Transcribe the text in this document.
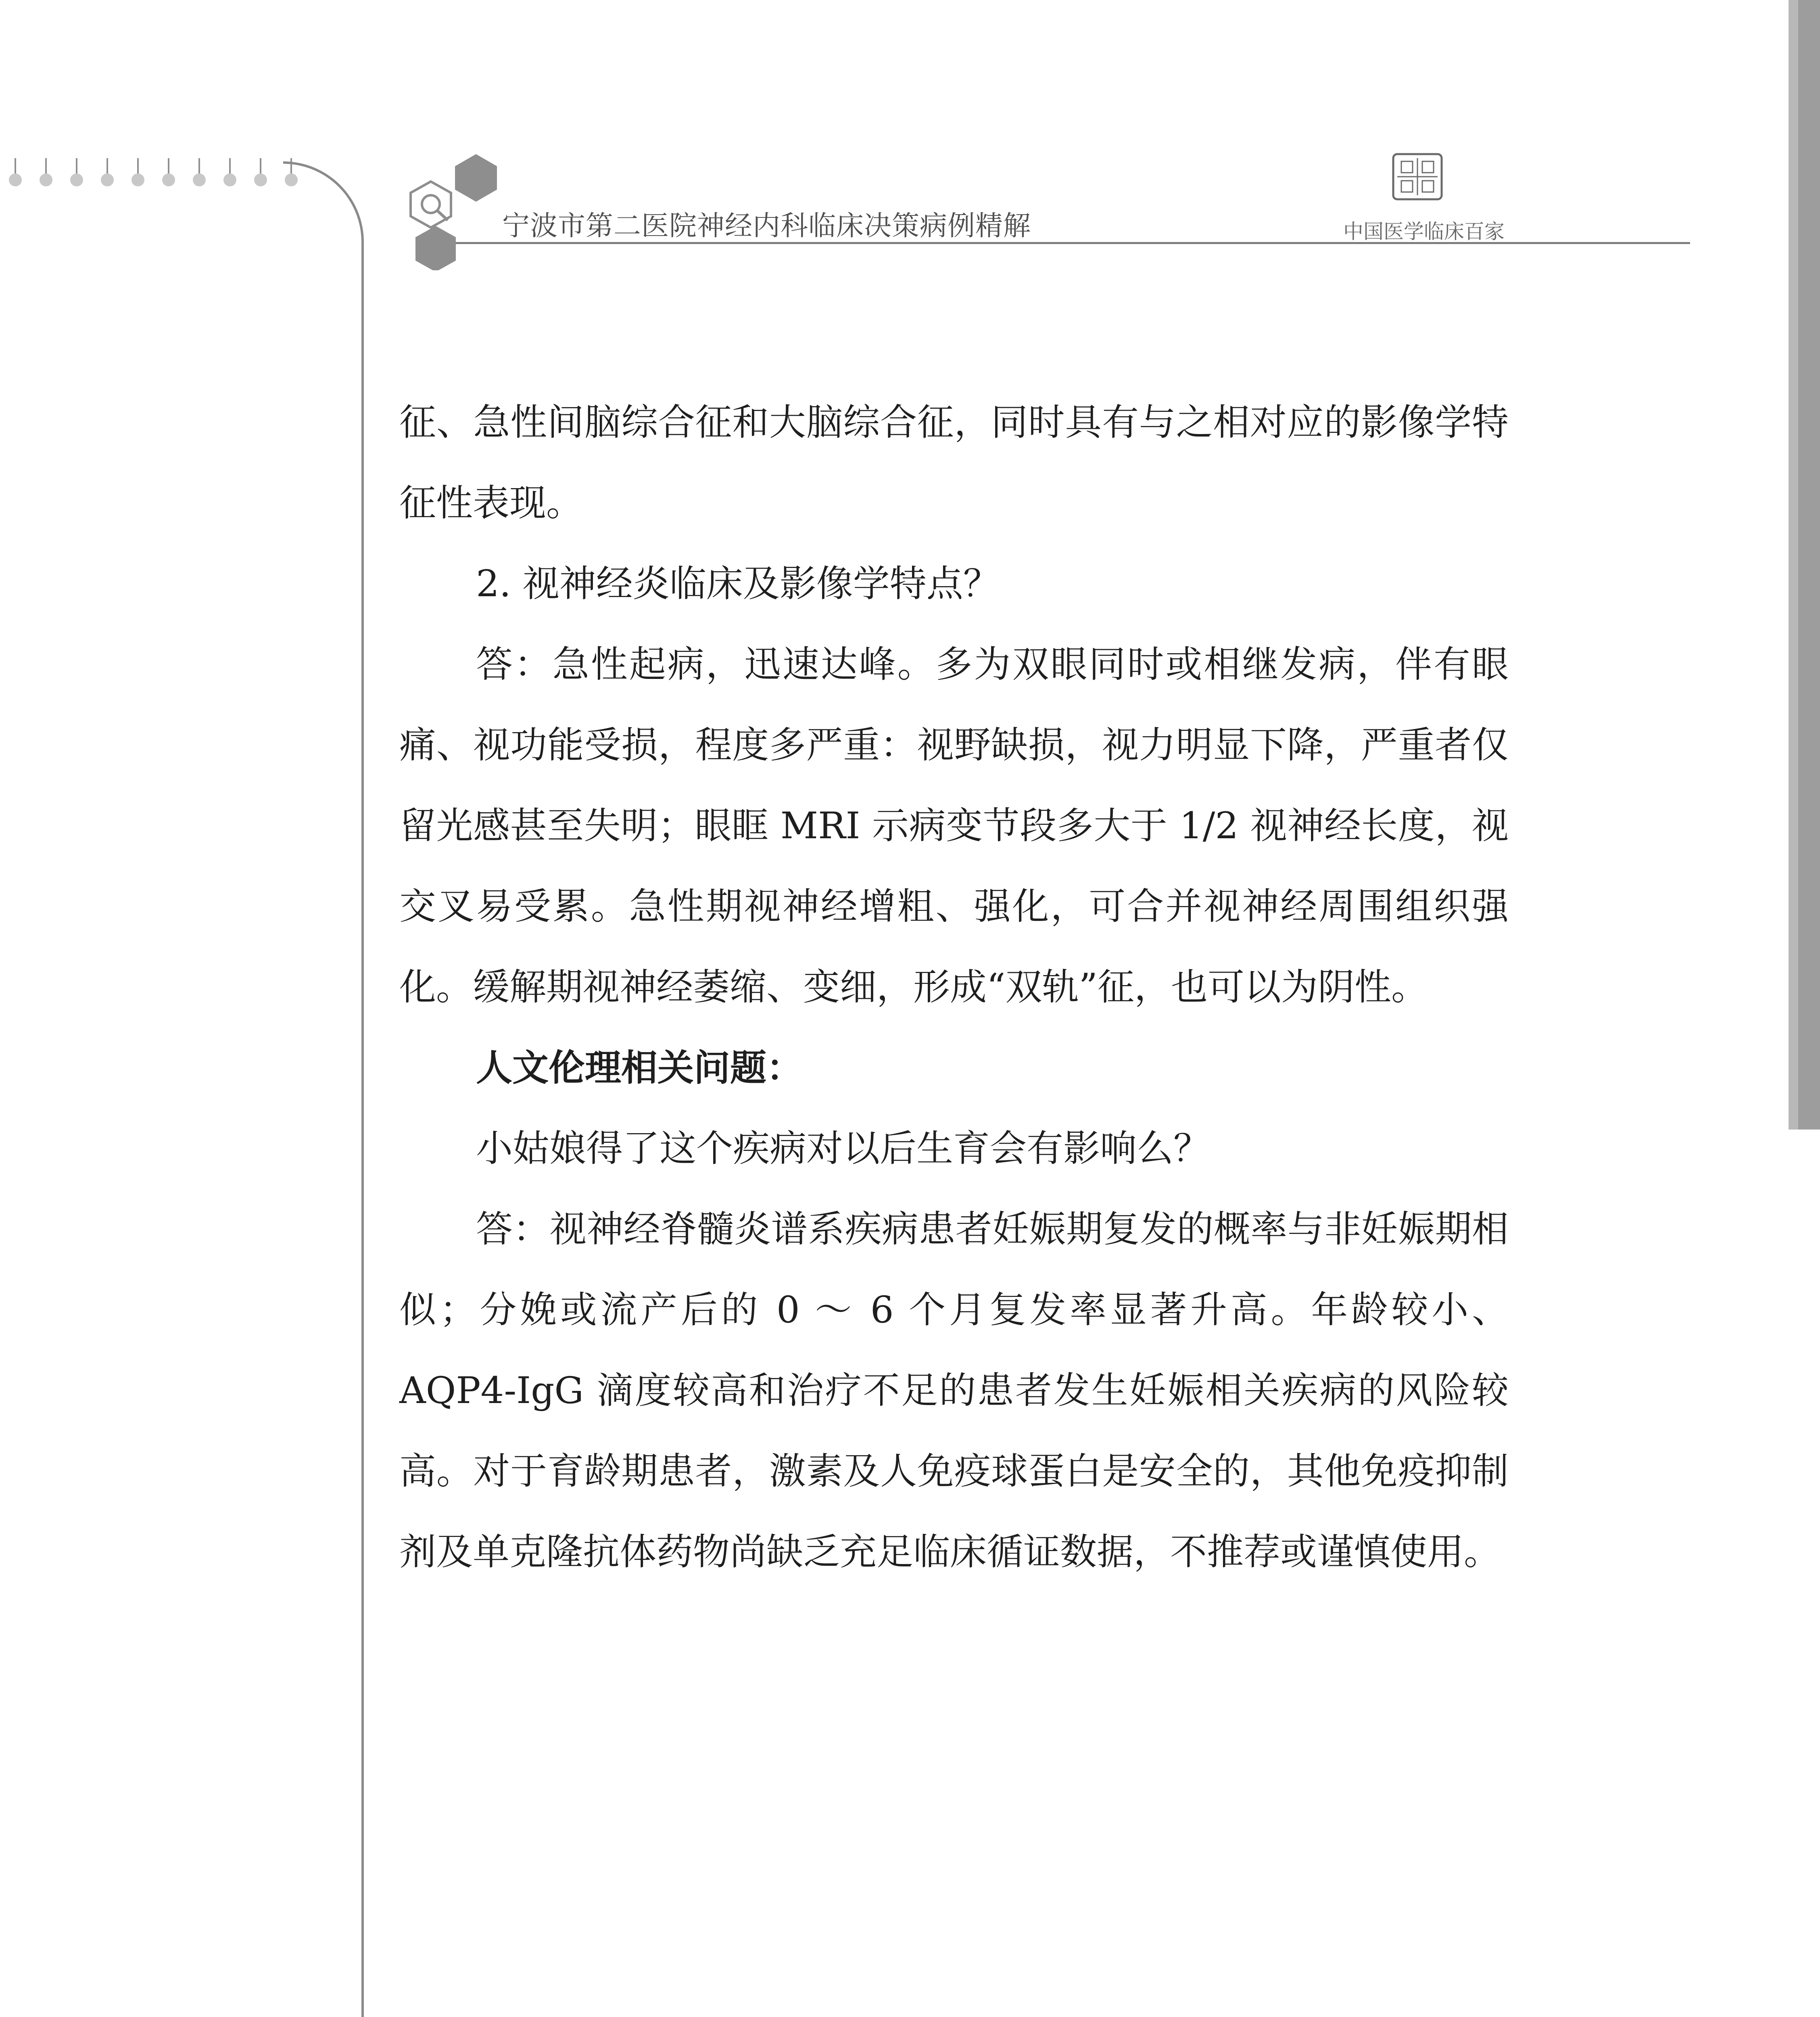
宁波市第二医院神经内科临床决策病例精解	中国医学临床百家

征、急性间脑综合征和大脑综合征，同时具有与之相对应的影像学特征性表现。

2. 视神经炎临床及影像学特点？

答：急性起病，迅速达峰。多为双眼同时或相继发病，伴有眼痛、视功能受损，程度多严重：视野缺损，视力明显下降，严重者仅留光感甚至失明；眼眶 MRI 示病变节段多大于 1/2 视神经长度，视交叉易受累。急性期视神经增粗、强化，可合并视神经周围组织强化。缓解期视神经萎缩、变细，形成“双轨”征，也可以为阴性。

人文伦理相关问题：

小姑娘得了这个疾病对以后生育会有影响么？

答：视神经脊髓炎谱系疾病患者妊娠期复发的概率与非妊娠期相似；分娩或流产后的 0 ～ 6 个月复发率显著升高。年龄较小、AQP4-IgG 滴度较高和治疗不足的患者发生妊娠相关疾病的风险较高。对于育龄期患者，激素及人免疫球蛋白是安全的，其他免疫抑制剂及单克隆抗体药物尚缺乏充足临床循证数据，不推荐或谨慎使用。
